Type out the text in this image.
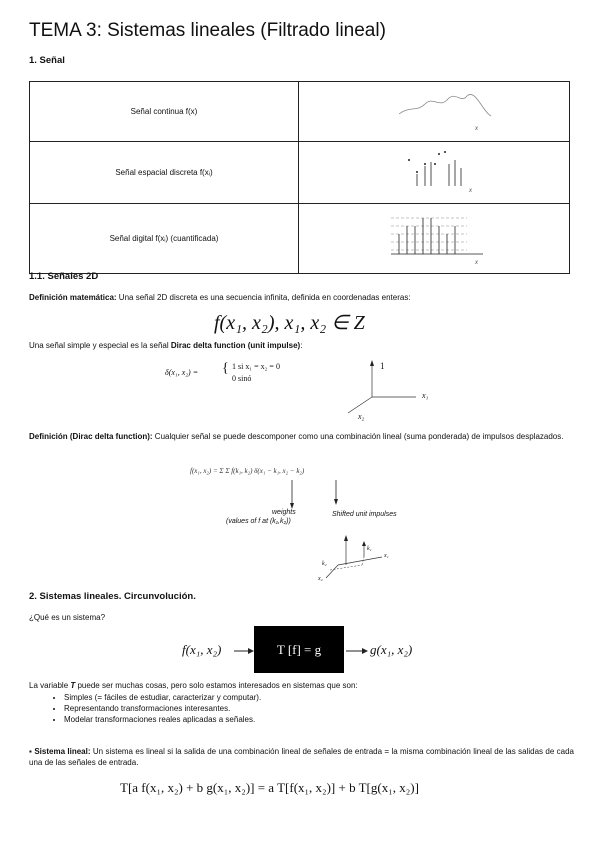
TEMA 3: Sistemas lineales (Filtrado lineal)
1. Señal
Señal continua f(x)	x

Señal espacial discreta f(xᵢ)	x

Señal digital f(xᵢ) (cuantificada)	x
1.1. Señales 2D
Definición matemática: Una señal 2D discreta es una secuencia infinita, definida en coordenadas enteras:
f(x₁, x₂), x₁, x₂ ∈ Z
Una señal simple y especial es la señal Dirac delta function (unit impulse):
δ(x₁, x₂) = { 1 si x₁ = x₂ = 0
0 sinó
1
x₁
x₂
Definición (Dirac delta function): Cualquier señal se puede descomponer como una combinación lineal (suma ponderada) de impulsos desplazados.
f(x₁, x₂) = Σ Σ f(k₁, k₂) δ(x₁ − k₁, x₂ − k₂)
weights
(values of f at (k₁,k₂))
Shifted unit impulses
k₁
k₂
x₁
x₂
2. Sistemas lineales. Circunvolución.
¿Qué es un sistema?
f(x₁, x₂)	T [f] = g	g(x₁, x₂)
La variable T puede ser muchas cosas, pero solo estamos interesados en sistemas que son:
• Simples (= fáciles de estudiar, caracterizar y computar).
• Representando transformaciones interesantes.
• Modelar transformaciones reales aplicadas a señales.
▪ Sistema lineal: Un sistema es lineal si la salida de una combinación lineal de señales de entrada = la misma combinación lineal de las salidas de cada una de las señales de entrada.
T[a f(x₁, x₂) + b g(x₁, x₂)] = a T[f(x₁, x₂)] + b T[g(x₁, x₂)]
